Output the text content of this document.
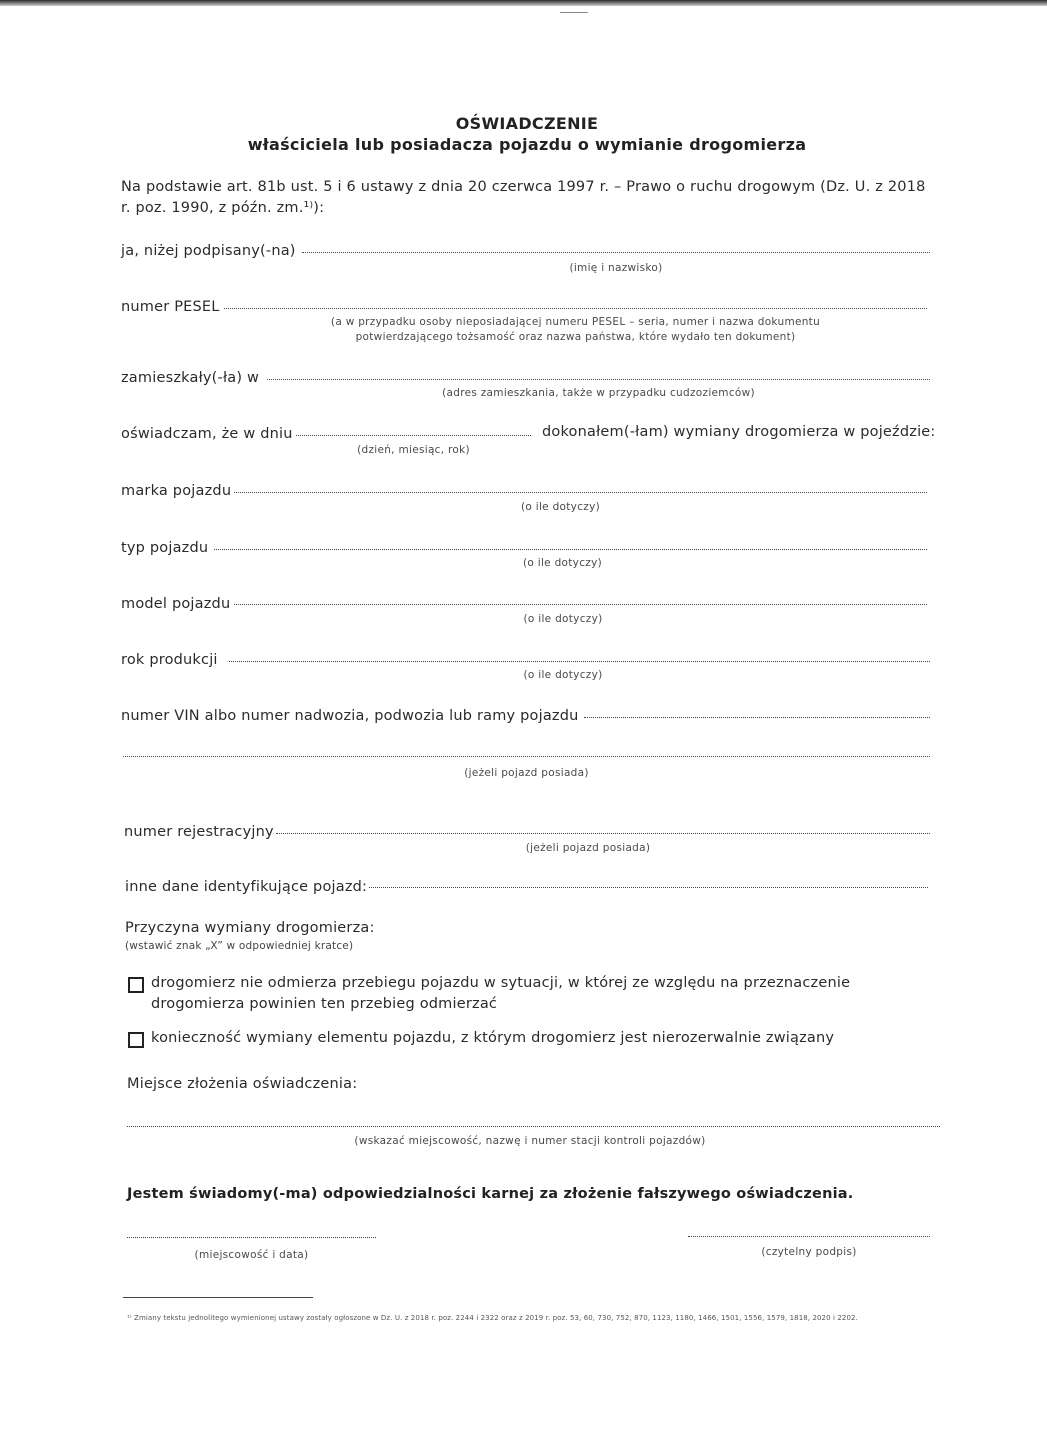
OŚWIADCZENIE
właściciela lub posiadacza pojazdu o wymianie drogomierza
Na podstawie art. 81b ust. 5 i 6 ustawy z dnia 20 czerwca 1997 r. – Prawo o ruchu drogowym (Dz. U. z 2018 r. poz. 1990, z późn. zm.¹⁾):
ja, niżej podpisany(-na)
(imię i nazwisko)
numer PESEL
(a w przypadku osoby nieposiadającej numeru PESEL – seria, numer i nazwa dokumentu
potwierdzającego tożsamość oraz nazwa państwa, które wydało ten dokument)
zamieszkały(-ła) w
(adres zamieszkania, także w przypadku cudzoziemców)
oświadczam, że w dniu
(dzień, miesiąc, rok)
dokonałem(-łam) wymiany drogomierza w pojeździe:
marka pojazdu
(o ile dotyczy)
typ pojazdu
(o ile dotyczy)
model pojazdu
(o ile dotyczy)
rok produkcji
(o ile dotyczy)
numer VIN albo numer nadwozia, podwozia lub ramy pojazdu
(jeżeli pojazd posiada)
numer rejestracyjny
(jeżeli pojazd posiada)
inne dane identyfikujące pojazd:
Przyczyna wymiany drogomierza:
(wstawić znak „X” w odpowiedniej kratce)
drogomierz nie odmierza przebiegu pojazdu w sytuacji, w której ze względu na przeznaczenie drogomierza powinien ten przebieg odmierzać
konieczność wymiany elementu pojazdu, z którym drogomierz jest nierozerwalnie związany
Miejsce złożenia oświadczenia:
(wskazać miejscowość, nazwę i numer stacji kontroli pojazdów)
Jestem świadomy(-ma) odpowiedzialności karnej za złożenie fałszywego oświadczenia.
(miejscowość i data)	(czytelny podpis)
¹⁾ Zmiany tekstu jednolitego wymienionej ustawy zostały ogłoszone w Dz. U. z 2018 r. poz. 2244 i 2322 oraz z 2019 r. poz. 53, 60, 730, 752, 870, 1123, 1180, 1466, 1501, 1556, 1579, 1818, 2020 i 2202.
